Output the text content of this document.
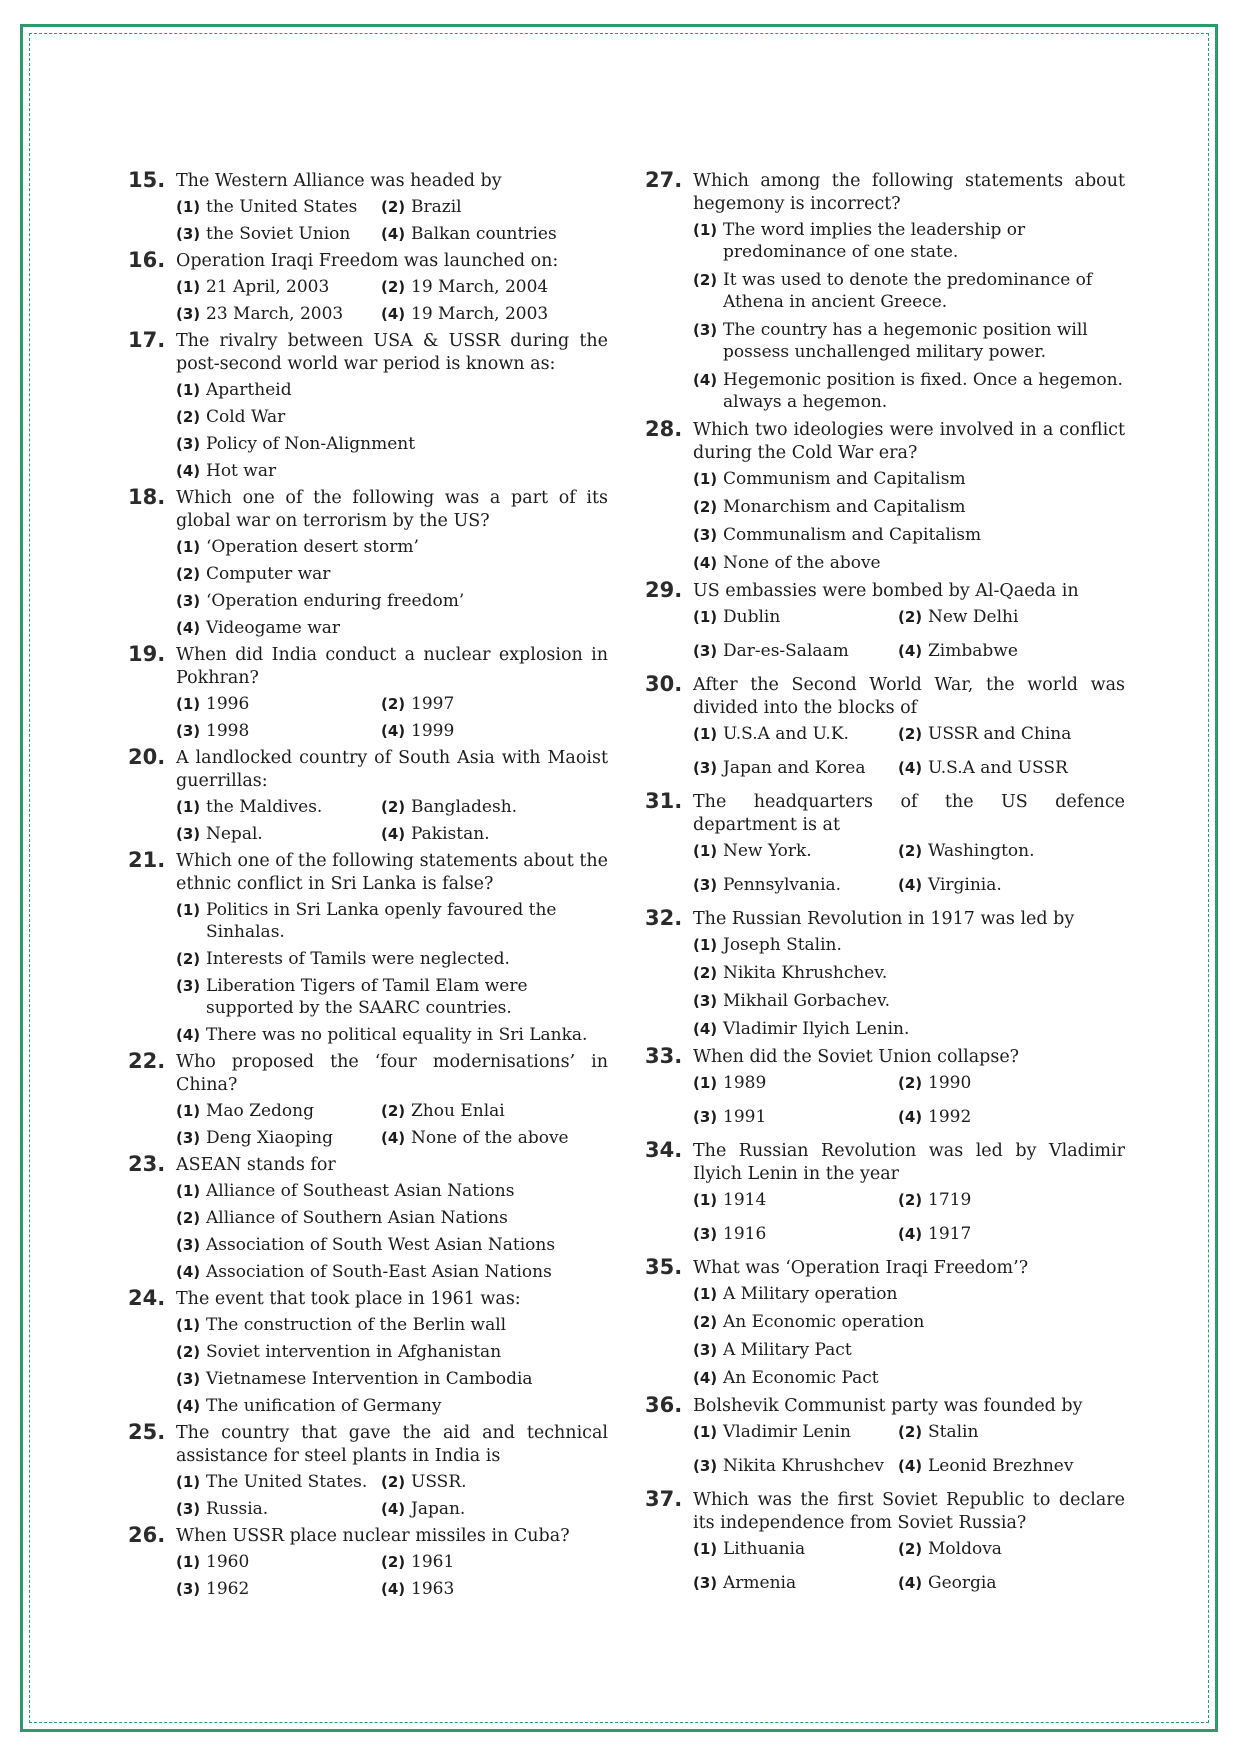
15. The Western Alliance was headed by
(1) the United States	(2) Brazil
(3) the Soviet Union	(4) Balkan countries
16. Operation Iraqi Freedom was launched on:
(1) 21 April, 2003	(2) 19 March, 2004
(3) 23 March, 2003	(4) 19 March, 2003
17. The rivalry between USA & USSR during the post-second world war period is known as:
(1) Apartheid
(2) Cold War
(3) Policy of Non-Alignment
(4) Hot war
18. Which one of the following was a part of its global war on terrorism by the US?
(1) ‘Operation desert storm’
(2) Computer war
(3) ‘Operation enduring freedom’
(4) Videogame war
19. When did India conduct a nuclear explosion in Pokhran?
(1) 1996	(2) 1997
(3) 1998	(4) 1999
20. A landlocked country of South Asia with Maoist guerrillas:
(1) the Maldives.	(2) Bangladesh.
(3) Nepal.	(4) Pakistan.
21. Which one of the following statements about the ethnic conflict in Sri Lanka is false?
(1) Politics in Sri Lanka openly favoured the Sinhalas.
(2) Interests of Tamils were neglected.
(3) Liberation Tigers of Tamil Elam were supported by the SAARC countries.
(4) There was no political equality in Sri Lanka.
22. Who proposed the ‘four modernisations’ in China?
(1) Mao Zedong	(2) Zhou Enlai
(3) Deng Xiaoping	(4) None of the above
23. ASEAN stands for
(1) Alliance of Southeast Asian Nations
(2) Alliance of Southern Asian Nations
(3) Association of South West Asian Nations
(4) Association of South-East Asian Nations
24. The event that took place in 1961 was:
(1) The construction of the Berlin wall
(2) Soviet intervention in Afghanistan
(3) Vietnamese Intervention in Cambodia
(4) The unification of Germany
25. The country that gave the aid and technical assistance for steel plants in India is
(1) The United States. (2) USSR.
(3) Russia.	(4) Japan.
26. When USSR place nuclear missiles in Cuba?
(1) 1960	(2) 1961
(3) 1962	(4) 1963
27. Which among the following statements about hegemony is incorrect?
(1) The word implies the leadership or predominance of one state.
(2) It was used to denote the predominance of Athena in ancient Greece.
(3) The country has a hegemonic position will possess unchallenged military power.
(4) Hegemonic position is fixed. Once a hegemon. always a hegemon.
28. Which two ideologies were involved in a conflict during the Cold War era?
(1) Communism and Capitalism
(2) Monarchism and Capitalism
(3) Communalism and Capitalism
(4) None of the above
29. US embassies were bombed by Al-Qaeda in
(1) Dublin	(2) New Delhi
(3) Dar-es-Salaam	(4) Zimbabwe
30. After the Second World War, the world was divided into the blocks of
(1) U.S.A and U.K.	(2) USSR and China
(3) Japan and Korea	(4) U.S.A and USSR
31. The headquarters of the US defence department is at
(1) New York.	(2) Washington.
(3) Pennsylvania.	(4) Virginia.
32. The Russian Revolution in 1917 was led by
(1) Joseph Stalin.
(2) Nikita Khrushchev.
(3) Mikhail Gorbachev.
(4) Vladimir Ilyich Lenin.
33. When did the Soviet Union collapse?
(1) 1989	(2) 1990
(3) 1991	(4) 1992
34. The Russian Revolution was led by Vladimir Ilyich Lenin in the year
(1) 1914	(2) 1719
(3) 1916	(4) 1917
35. What was ‘Operation Iraqi Freedom’?
(1) A Military operation
(2) An Economic operation
(3) A Military Pact
(4) An Economic Pact
36. Bolshevik Communist party was founded by
(1) Vladimir Lenin	(2) Stalin
(3) Nikita Khrushchev (4) Leonid Brezhnev
37. Which was the first Soviet Republic to declare its independence from Soviet Russia?
(1) Lithuania	(2) Moldova
(3) Armenia	(4) Georgia
